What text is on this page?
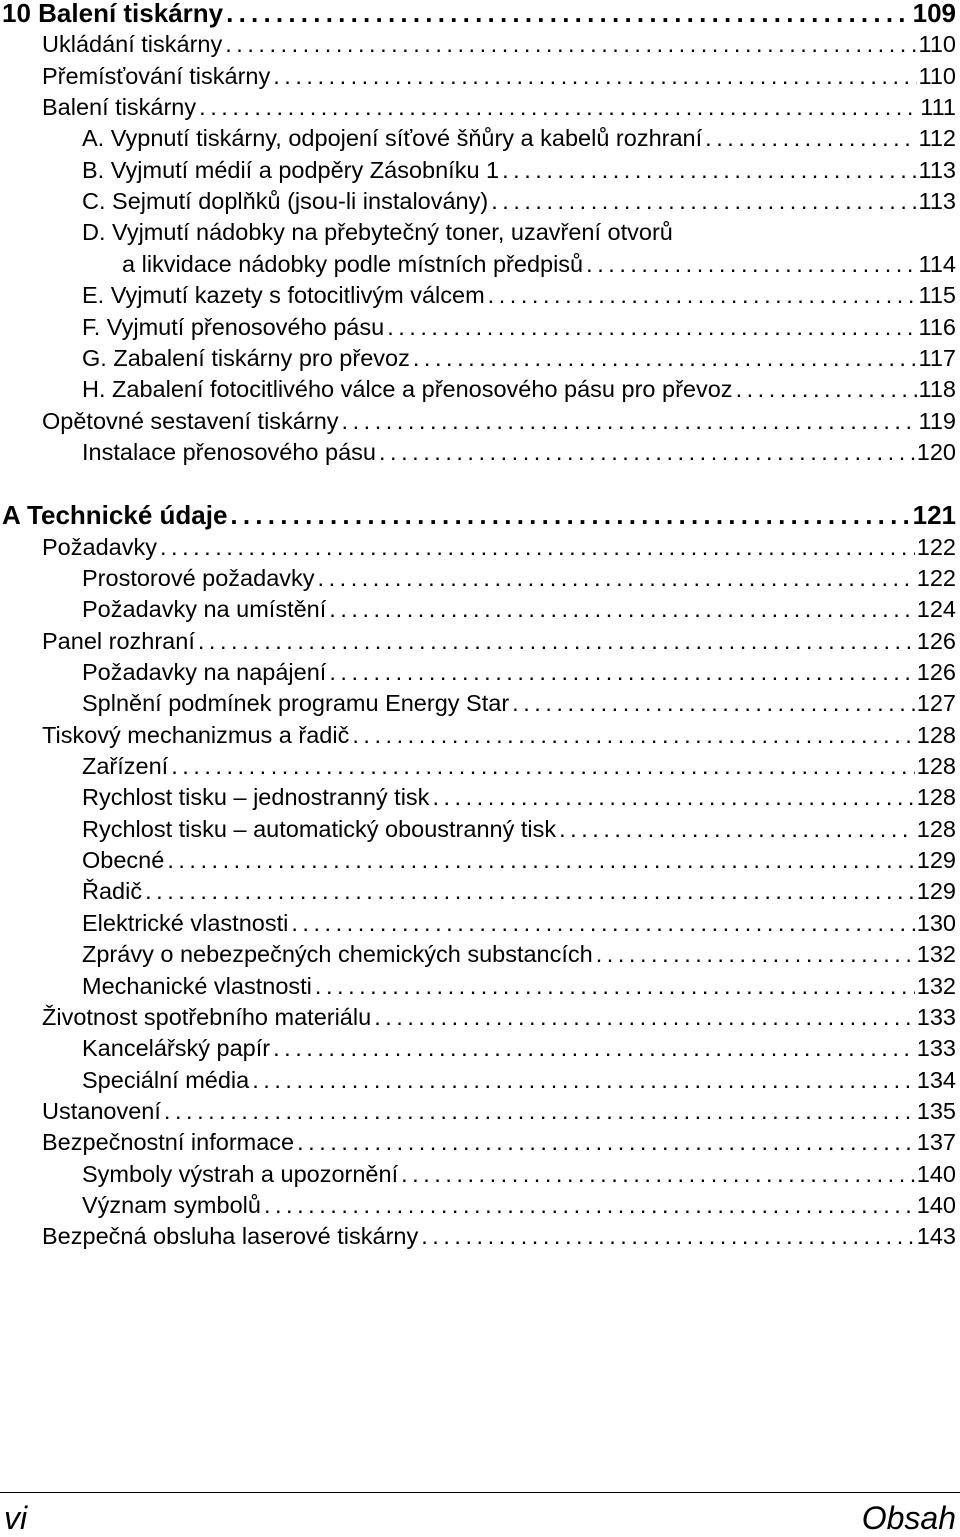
10 Balení tiskárny . . .	109
Ukládání tiskárny . . .	110
Přemísťování tiskárny . . .	110
Balení tiskárny . . .	111
A. Vypnutí tiskárny, odpojení síťové šňůry a kabelů rozhraní . . .	112
B. Vyjmutí médií a podpěry Zásobníku 1 . . .	113
C. Sejmutí doplňků (jsou-li instalovány) . . .	113
D. Vyjmutí nádobky na přebytečný toner, uzavření otvorů
a likvidace nádobky podle místních předpisů . . .	114
E. Vyjmutí kazety s fotocitlivým válcem . . .	115
F. Vyjmutí přenosového pásu . . .	116
G. Zabalení tiskárny pro převoz . . .	117
H. Zabalení fotocitlivého válce a přenosového pásu pro převoz . . .	118
Opětovné sestavení tiskárny . . .	119
Instalace přenosového pásu . . .	120
A Technické údaje . . .	121
Požadavky . . .	122
Prostorové požadavky . . .	122
Požadavky na umístění . . .	124
Panel rozhraní . . .	126
Požadavky na napájení . . .	126
Splnění podmínek programu Energy Star . . .	127
Tiskový mechanizmus a řadič . . .	128
Zařízení . . .	128
Rychlost tisku – jednostranný tisk . . .	128
Rychlost tisku – automatický oboustranný tisk . . .	128
Obecné . . .	129
Řadič . . .	129
Elektrické vlastnosti . . .	130
Zprávy o nebezpečných chemických substancích . . .	132
Mechanické vlastnosti . . .	132
Životnost spotřebního materiálu . . .	133
Kancelářský papír . . .	133
Speciální média . . .	134
Ustanovení . . .	135
Bezpečnostní informace . . .	137
Symboly výstrah a upozornění . . .	140
Význam symbolů . . .	140
Bezpečná obsluha laserové tiskárny . . .	143
vi	Obsah
